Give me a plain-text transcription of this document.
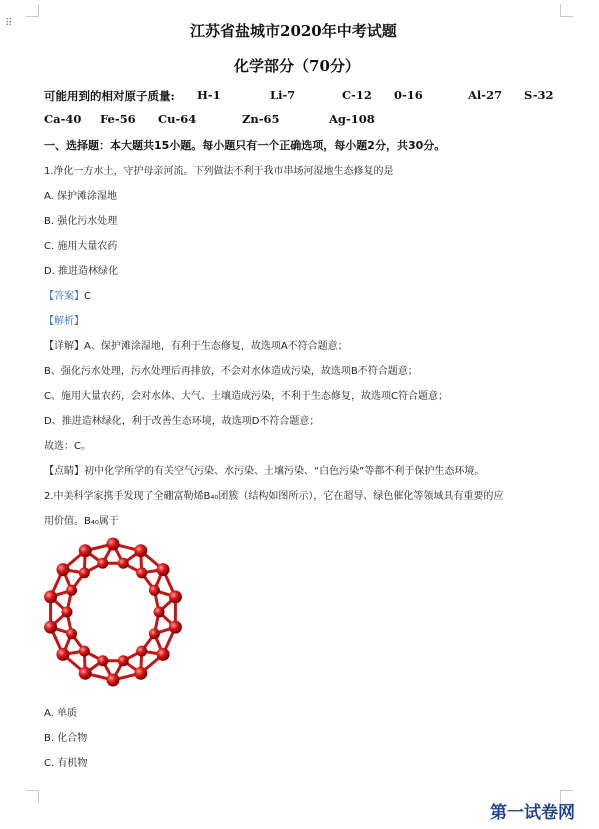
⠿	江苏省盐城市2020年中考试题
化学部分（70分）
可能用到的相对原子质量: H-1	Li-7	C-12 0-16	Al-27 S-32
Ca-40 Fe-56 Cu-64	Zn-65	Ag-108
一、选择题：本大题共15小题。每小题只有一个正确选项，每小题2分，共30分。
1.净化一方水土，守护母亲河流。下列做法不利于我市串场河湿地生态修复的是
A. 保护滩涂湿地
B. 强化污水处理
C. 施用大量农药
D. 推进造林绿化
【答案】C
【解析】
【详解】A、保护滩涂湿地，有利于生态修复，故选项A不符合题意；
B、强化污水处理，污水处理后再排放，不会对水体造成污染，故选项B不符合题意；
C、施用大量农药，会对水体、大气、土壤造成污染，不利于生态修复，故选项C符合题意；
D、推进造林绿化，利于改善生态环境，故选项D不符合题意；
故选：C。
【点睛】初中化学所学的有关空气污染、水污染、土壤污染、“白色污染”等都不利于保护生态环境。
2.中美科学家携手发现了全硼富勒烯B₄₀团簇（结构如图所示），它在超导、绿色催化等领域具有重要的应
用价值。B₄₀属于
A. 单质
B. 化合物
C. 有机物
第一试卷网
